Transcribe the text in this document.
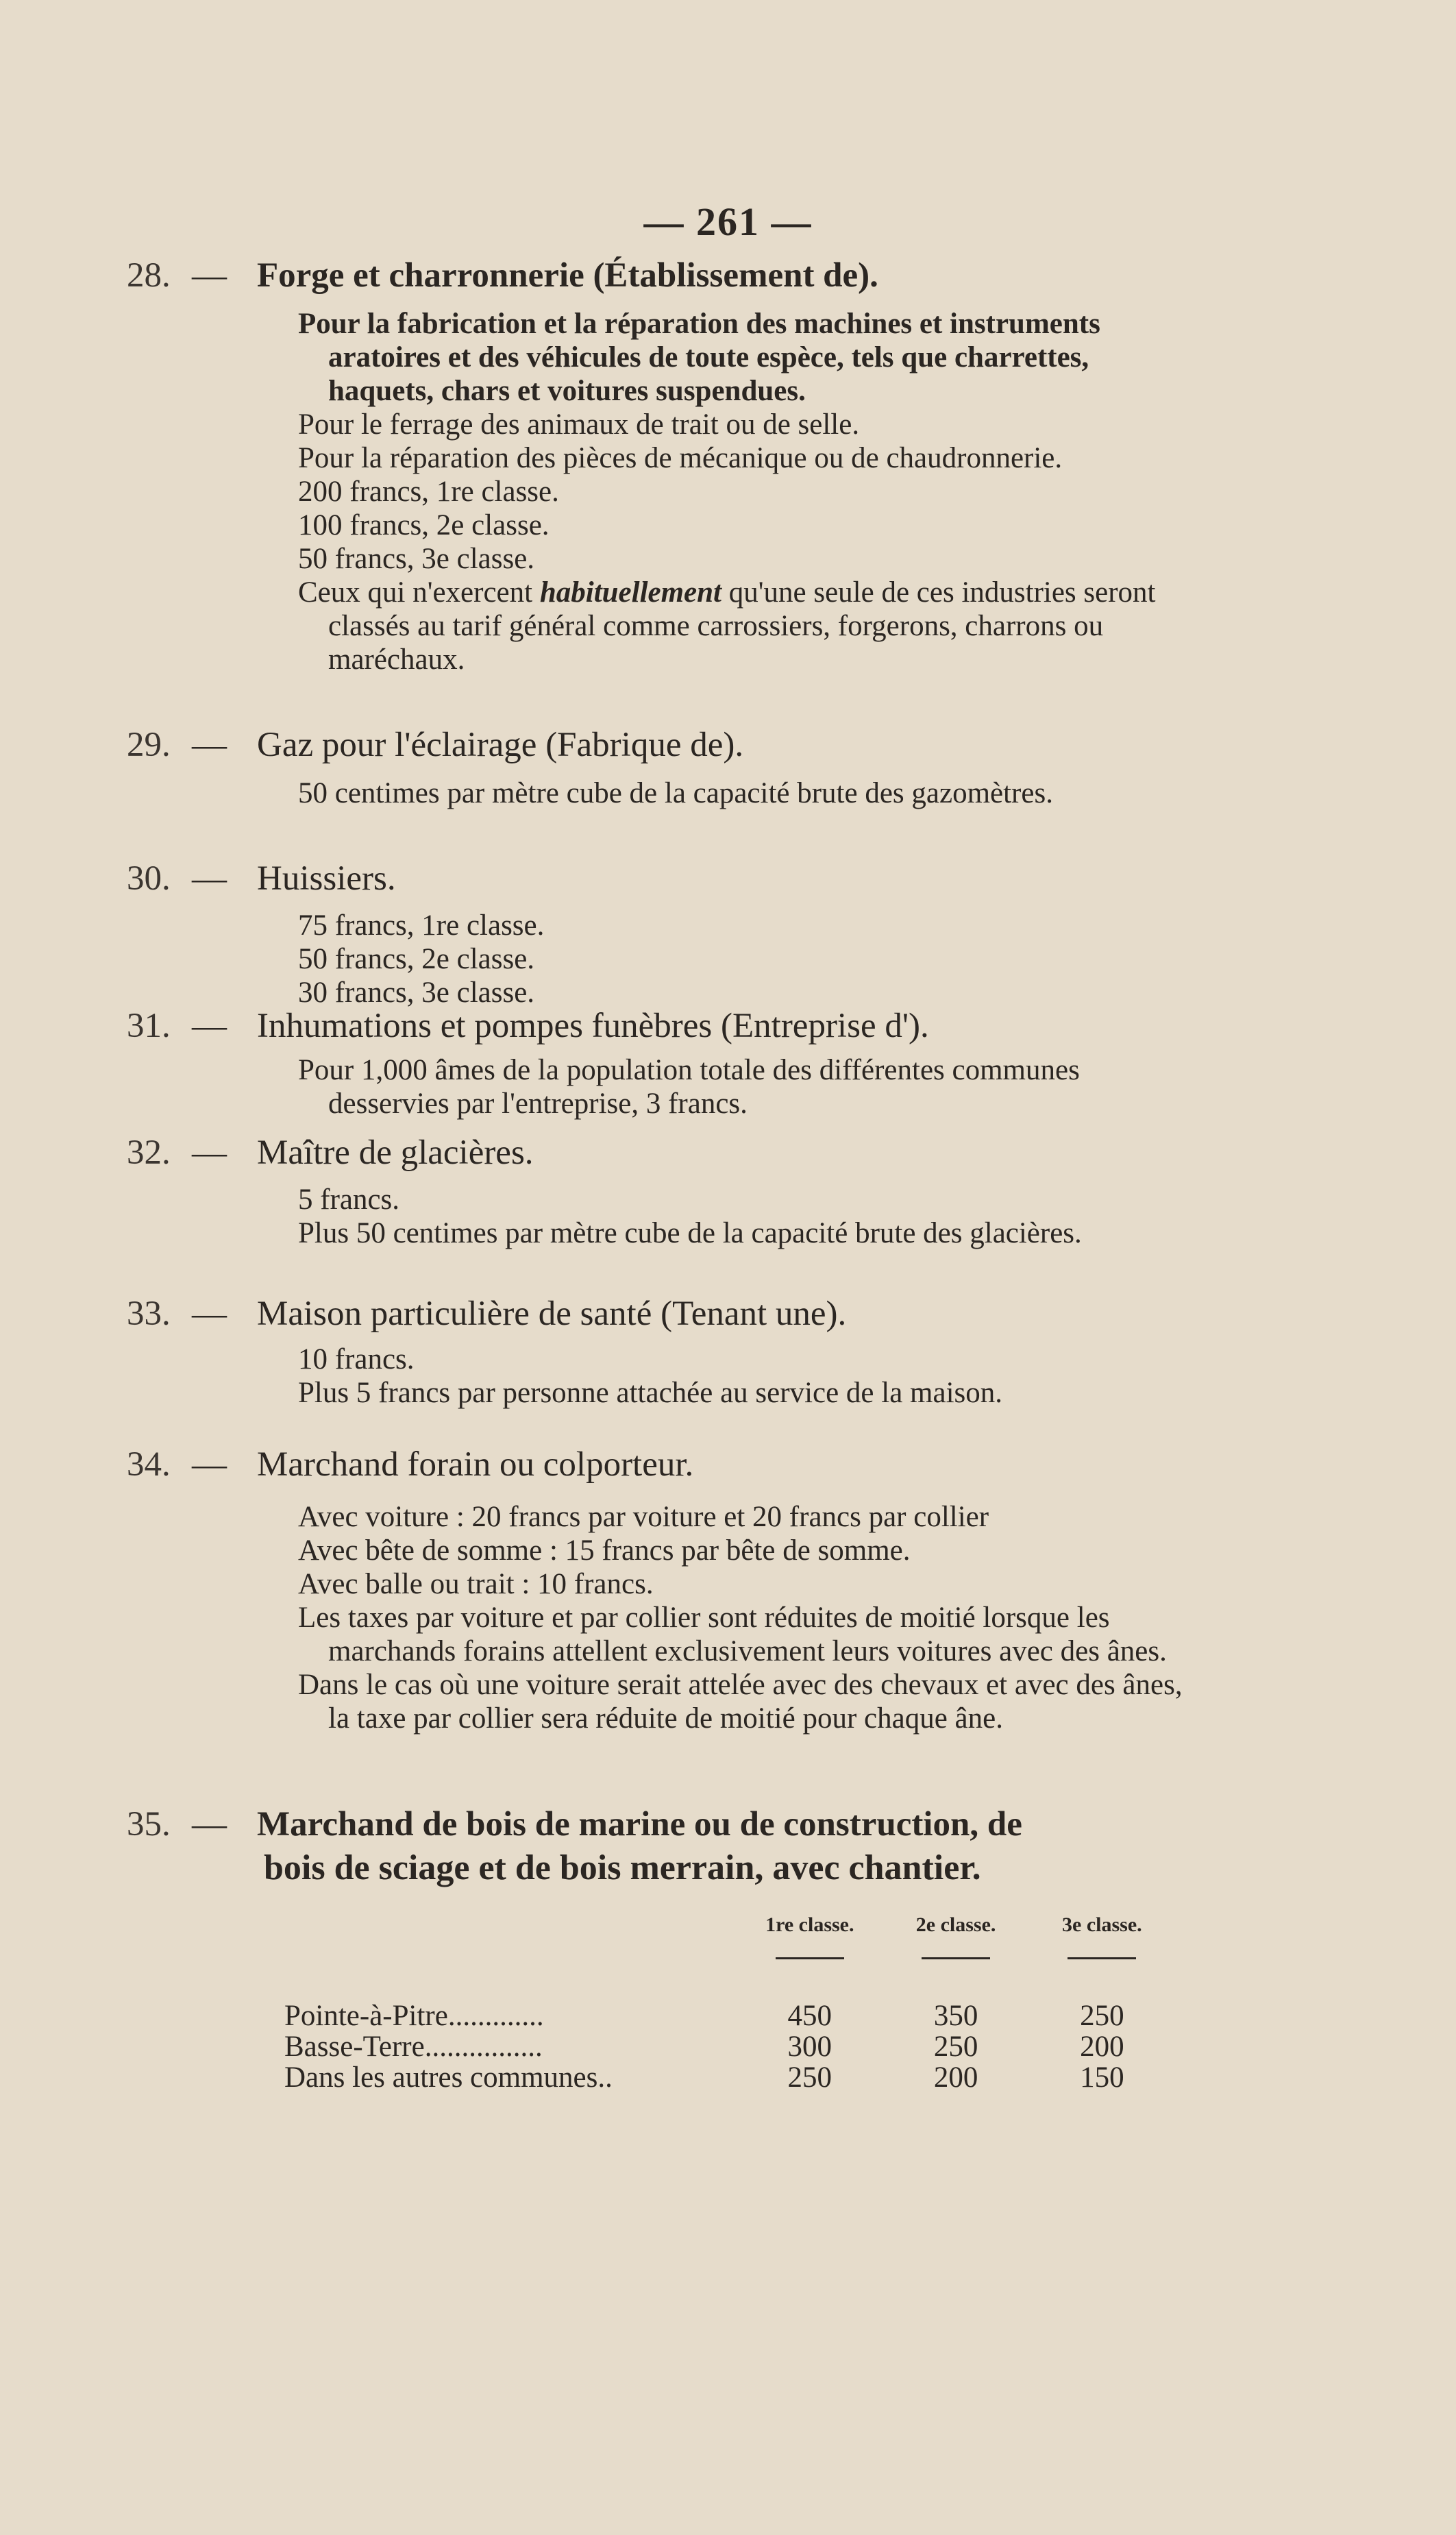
— 261 —
28. — Forge et charronnerie (Établissement de).
Pour la fabrication et la réparation des machines et instruments aratoires et des véhicules de toute espèce, tels que charrettes, haquets, chars et voitures suspendues.
Pour le ferrage des animaux de trait ou de selle.
Pour la réparation des pièces de mécanique ou de chaudronnerie.
200 francs, 1re classe.
100 francs, 2e classe.
50 francs, 3e classe.
Ceux qui n'exercent habituellement qu'une seule de ces industries seront classés au tarif général comme carrossiers, forgerons, charrons ou maréchaux.
29. — Gaz pour l'éclairage (Fabrique de).
50 centimes par mètre cube de la capacité brute des gazomètres.
30. — Huissiers.
75 francs, 1re classe.
50 francs, 2e classe.
30 francs, 3e classe.
31. — Inhumations et pompes funèbres (Entreprise d').
Pour 1,000 âmes de la population totale des différentes communes desservies par l'entreprise, 3 francs.
32. — Maître de glacières.
5 francs.
Plus 50 centimes par mètre cube de la capacité brute des glacières.
33. — Maison particulière de santé (Tenant une).
10 francs.
Plus 5 francs par personne attachée au service de la maison.
34. — Marchand forain ou colporteur.
Avec voiture : 20 francs par voiture et 20 francs par collier
Avec bête de somme : 15 francs par bête de somme.
Avec balle ou trait : 10 francs.
Les taxes par voiture et par collier sont réduites de moitié lorsque les marchands forains attellent exclusivement leurs voitures avec des ânes.
Dans le cas où une voiture serait attelée avec des chevaux et avec des ânes, la taxe par collier sera réduite de moitié pour chaque âne.
35. — Marchand de bois de marine ou de construction, de
bois de sciage et de bois merrain, avec chantier.
	1re classe.	2e classe.	3e classe.

Pointe-à-Pitre.............	450	350	250
Basse-Terre................	300	250	200
Dans les autres communes..	250	200	150
